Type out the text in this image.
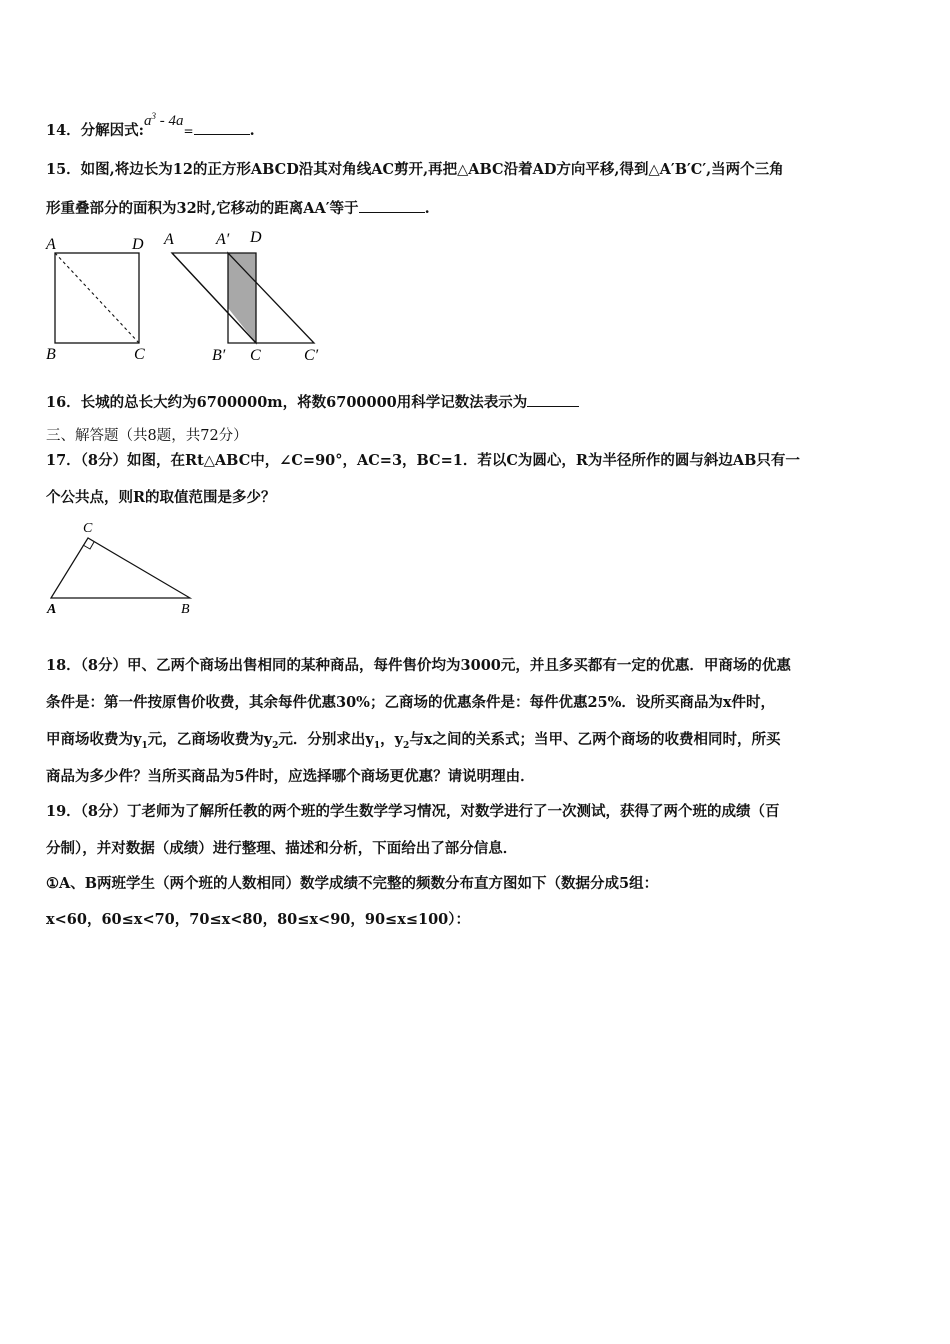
14．分解因式$:a^3 - 4a=$	.
15．如图,将边长为12的正方形ABCD沿其对角线AC剪开,再把△ABC沿着AD方向平移,得到△A′B′C′,当两个三角
形重叠部分的面积为32时,它移动的距离AA′等于	.
A	D
B	C
A	A′ D
B′ C	C′
16．长城的总长大约为6700000m，将数6700000用科学记数法表示为
三、解答题（共8题，共72分）
17．（8分）如图，在Rt△ABC中，∠C=90°，AC=3，BC=1．若以C为圆心，R为半径所作的圆与斜边AB只有一
个公共点，则R的取值范围是多少？
C
A	B
18．（8分）甲、乙两个商场出售相同的某种商品，每件售价均为3000元，并且多买都有一定的优惠．甲商场的优惠
条件是：第一件按原售价收费，其余每件优惠30%；乙商场的优惠条件是：每件优惠25%．设所买商品为x件时，
甲商场收费为$y_1$元，乙商场收费为$y_2$元．分别求出$y_1$，$y_2$与x之间的关系式；当甲、乙两个商场的收费相同时，所买
商品为多少件？当所买商品为5件时，应选择哪个商场更优惠？请说明理由．
19．（8分）丁老师为了解所任教的两个班的学生数学学习情况，对数学进行了一次测试，获得了两个班的成绩（百
分制），并对数据（成绩）进行整理、描述和分析，下面给出了部分信息．
①A、B两班学生（两个班的人数相同）数学成绩不完整的频数分布直方图如下（数据分成5组：
x<60，60≤x<70，70≤x<80，80≤x<90，90≤x≤100）：
